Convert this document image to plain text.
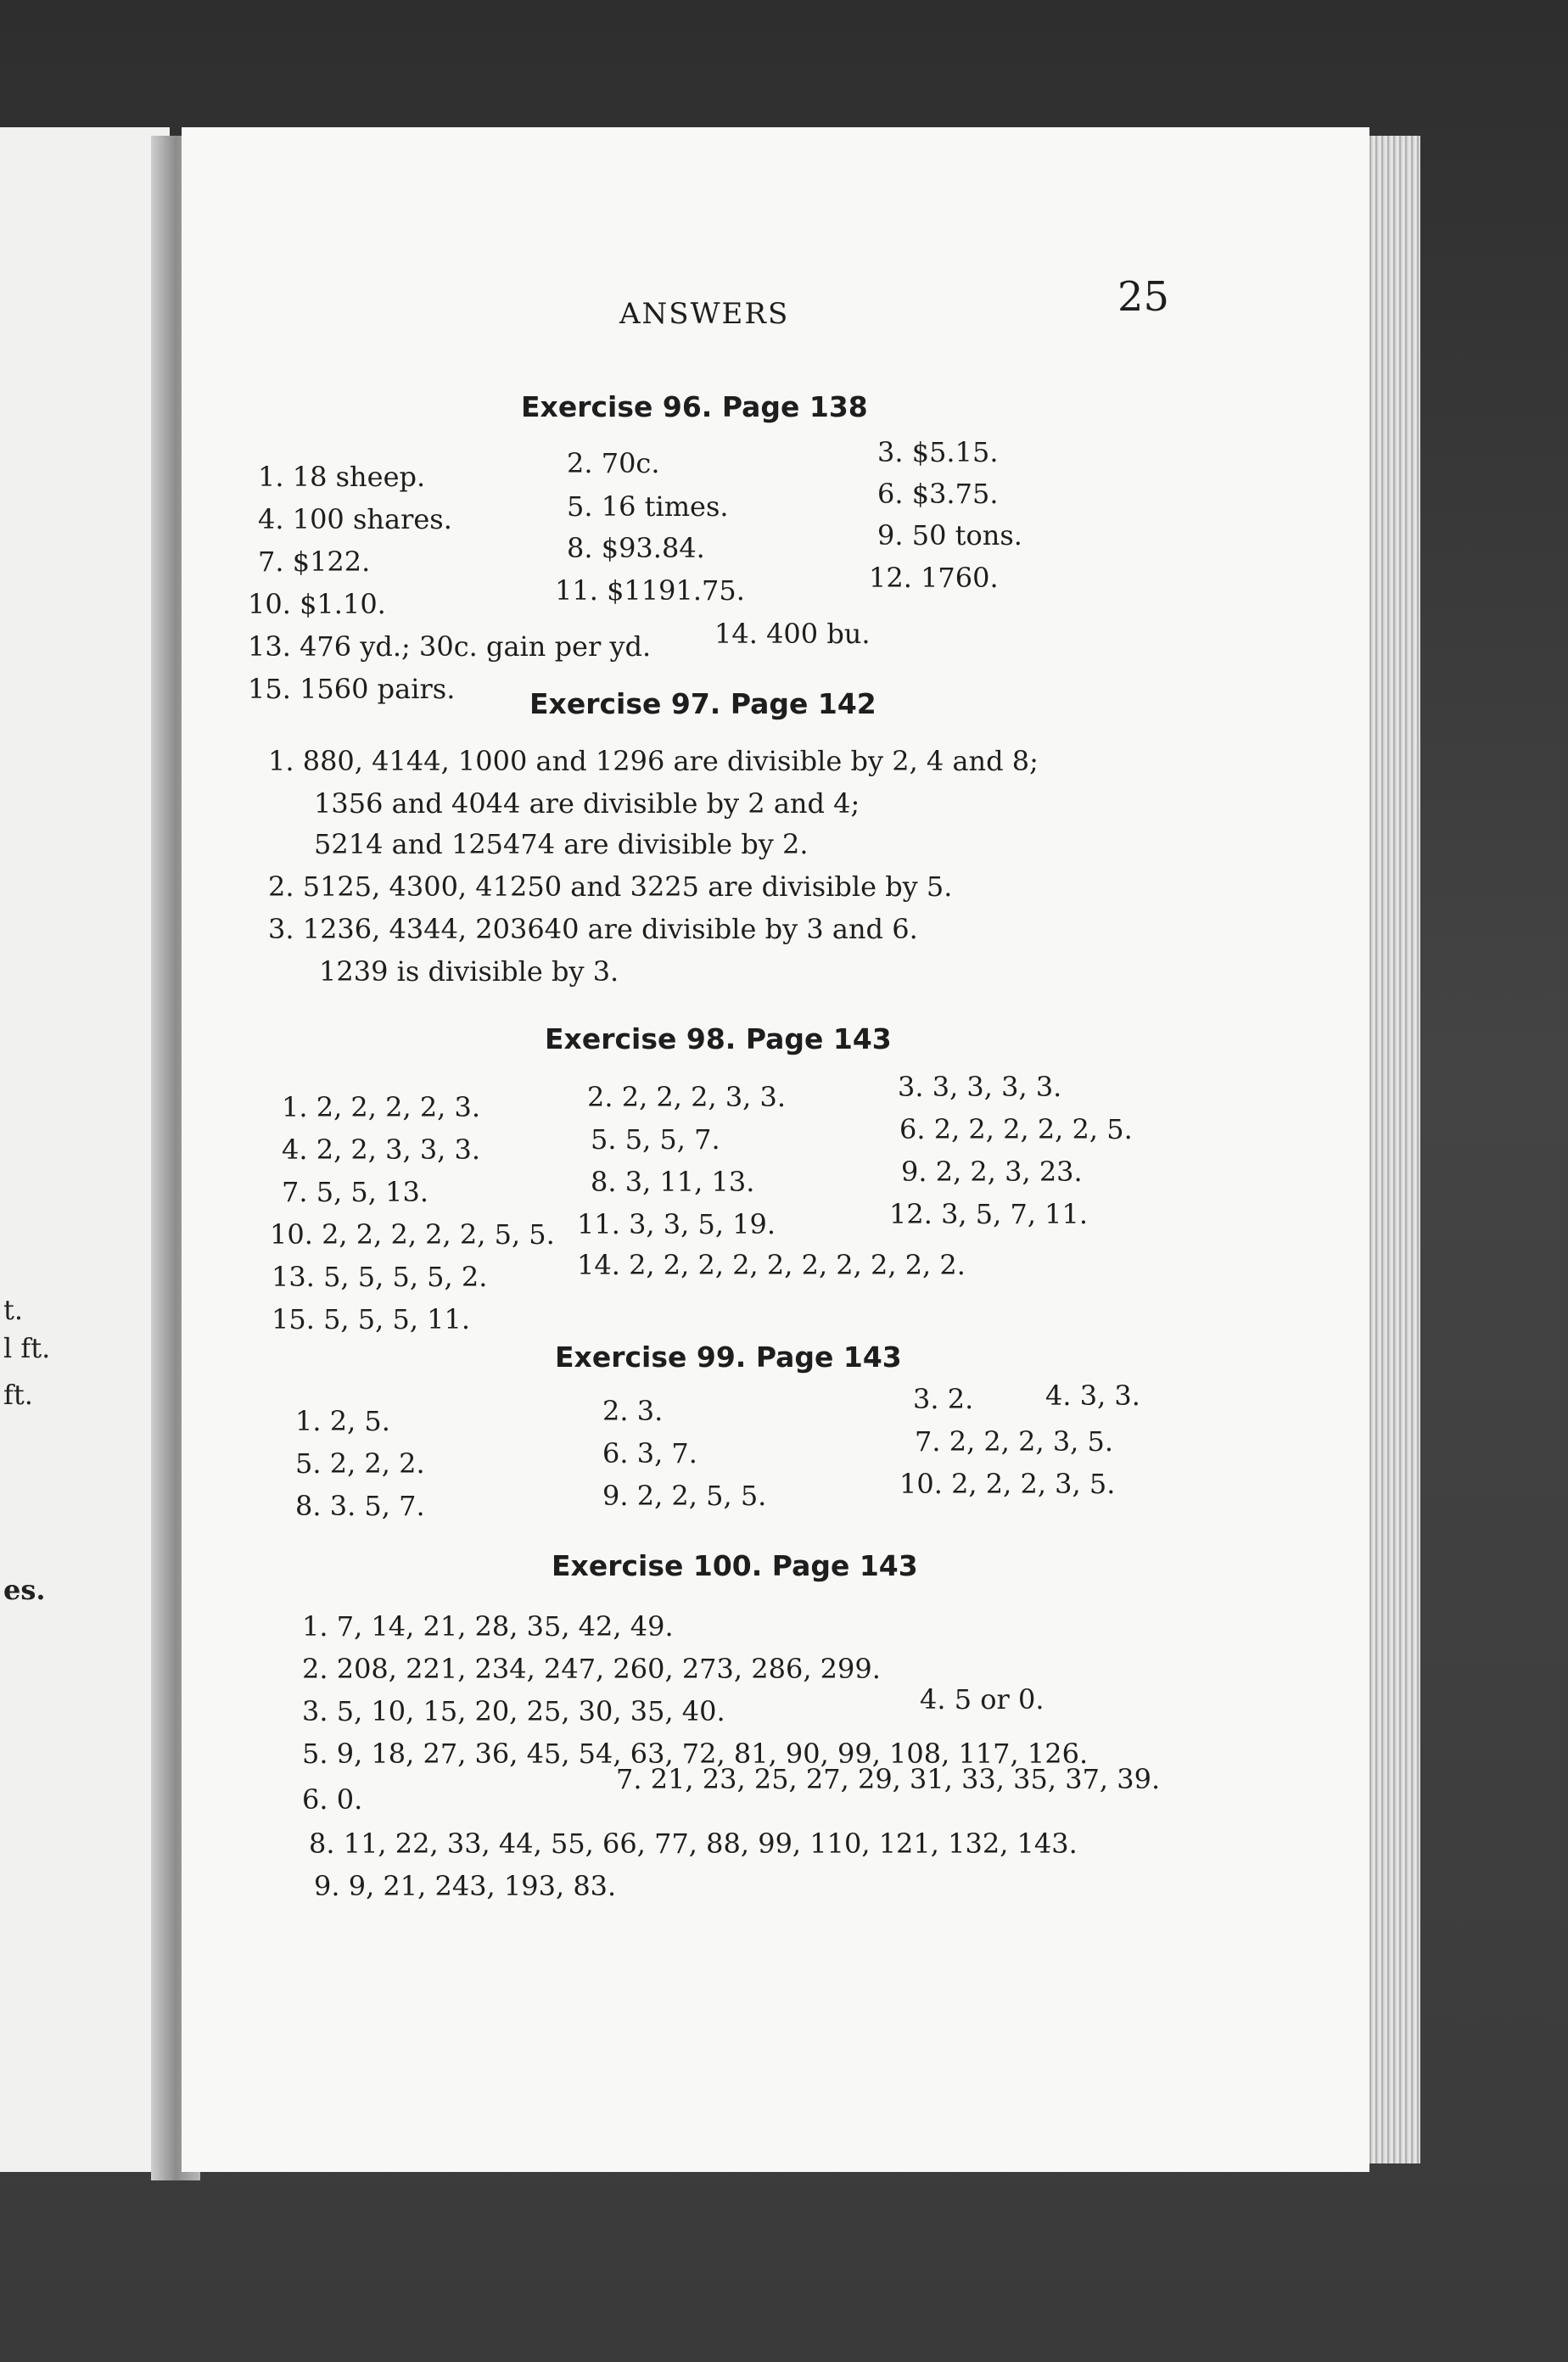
t.
l ft.
ft.
es.
ANSWERS	25
Exercise 96. Page 138
1. 18 sheep.	2. 70c.	3. $5.15.
4. 100 shares.	5. 16 times.	6. $3.75.
7. $122.	8. $93.84.	9. 50 tons.
10. $1.10.	11. $1191.75.	12. 1760.
13. 476 yd.; 30c. gain per yd. 14. 400 bu.
15. 1560 pairs.	Exercise 97. Page 142
1. 880, 4144, 1000 and 1296 are divisible by 2, 4 and 8;
1356 and 4044 are divisible by 2 and 4;
5214 and 125474 are divisible by 2.
2. 5125, 4300, 41250 and 3225 are divisible by 5.
3. 1236, 4344, 203640 are divisible by 3 and 6.
1239 is divisible by 3.
Exercise 98. Page 143
1. 2, 2, 2, 2, 3.	2. 2, 2, 2, 3, 3.	3. 3, 3, 3, 3.
4. 2, 2, 3, 3, 3.	5. 5, 5, 7.	6. 2, 2, 2, 2, 2, 5.
7. 5, 5, 13.	8. 3, 11, 13.	9. 2, 2, 3, 23.
10. 2, 2, 2, 2, 2, 5, 5. 11. 3, 3, 5, 19.	12. 3, 5, 7, 11.
13. 5, 5, 5, 5, 2.	14. 2, 2, 2, 2, 2, 2, 2, 2, 2, 2.
15. 5, 5, 5, 11.
Exercise 99. Page 143
1. 2, 5.	2. 3.	3. 2.	4. 3, 3.
5. 2, 2, 2.	6. 3, 7.	7. 2, 2, 2, 3, 5.
8. 3. 5, 7.	9. 2, 2, 5, 5.	10. 2, 2, 2, 3, 5.
Exercise 100. Page 143
1. 7, 14, 21, 28, 35, 42, 49.
2. 208, 221, 234, 247, 260, 273, 286, 299.
3. 5, 10, 15, 20, 25, 30, 35, 40.	4. 5 or 0.
5. 9, 18, 27, 36, 45, 54, 63, 72, 81, 90, 99, 108, 117, 126.
6. 0.
7. 21, 23, 25, 27, 29, 31, 33, 35, 37, 39.
8. 11, 22, 33, 44, 55, 66, 77, 88, 99, 110, 121, 132, 143.
9. 9, 21, 243, 193, 83.
